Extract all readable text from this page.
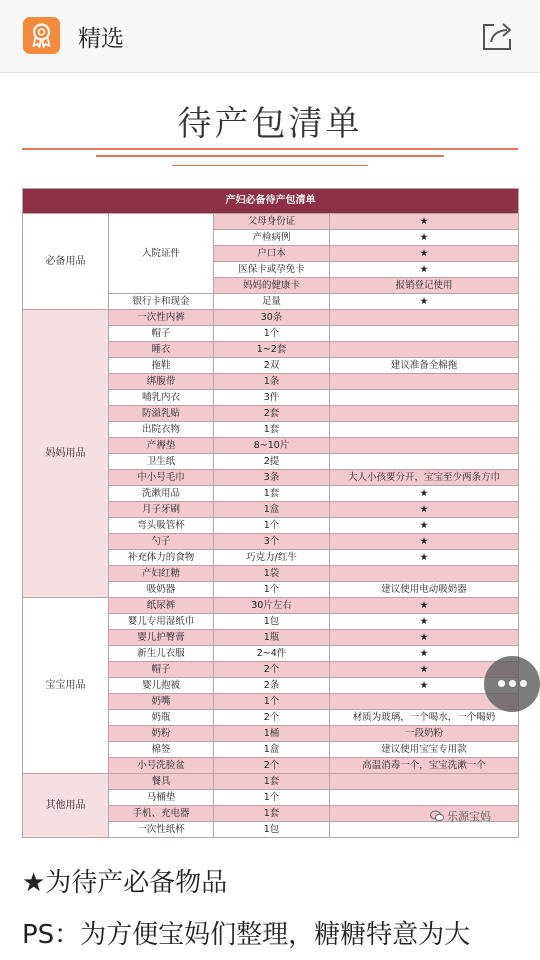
精选
待产包清单
产妇必备待产包清单			
必备用品	入院证件	父母身份证	★
		产检病例	★
		户口本	★
		医保卡或孕免卡	★
		妈妈的健康卡	报销登记使用
	银行卡和现金	足量	★
妈妈用品	一次性内裤	30条	
	帽子	1个	
	睡衣	1~2套	
	拖鞋	2双	建议准备全棉拖
	绑腹带	1条	
	哺乳内衣	3件	
	防溢乳贴	2套	
	出院衣物	1套	
	产褥垫	8~10片	
	卫生纸	2提	
	中小号毛巾	3条	大人小孩要分开，宝宝至少两条方巾
	洗漱用品	1套	★
	月子牙刷	1盒	★
	弯头吸管杯	1个	★
	勺子	3个	★
	补充体力的食物	巧克力/红牛	★
	产妇红糖	1袋	
	吸奶器	1个	建议使用电动吸奶器
宝宝用品	纸尿裤	30片左右	★
	婴儿专用湿纸巾	1包	★
	婴儿护臀膏	1瓶	★
	新生儿衣服	2~4件	★
	帽子	2个	★
	婴儿抱被	2条	★
	奶嘴	1个	
	奶瓶	2个	材质为玻璃，一个喝水，一个喝奶
	奶粉	1桶	一段奶粉
	棉签	1盒	建议使用宝宝专用款
	小号洗脸盆	2个	高温消毒一个，宝宝洗漱一个
其他用品	餐具	1套	
	马桶垫	1个	
	手机、充电器	1套	
	一次性纸杯	1包	
乐源宝妈
★为待产必备物品
PS：为方便宝妈们整理，糖糖特意为大
